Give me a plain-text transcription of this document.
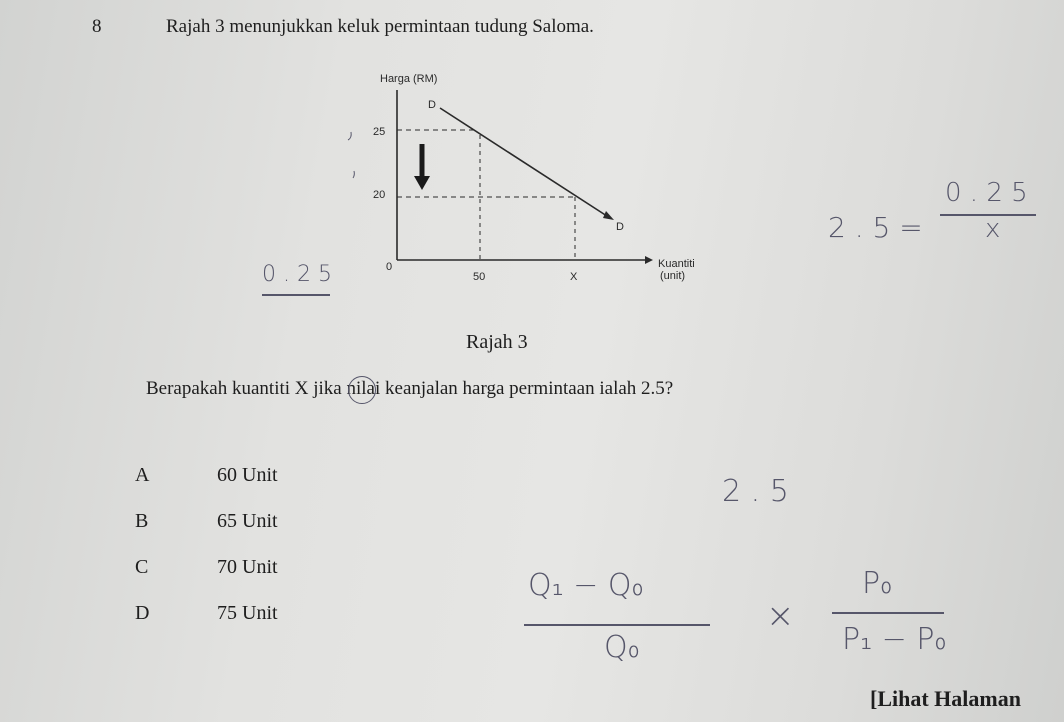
8	Rajah 3 menunjukkan keluk permintaan tudung Saloma.
Harga (RM)
D
D
25
20
0
50	X
Kuantiti
(unit)
0 . 2 5
2 . 5 =
0 . 2 5
x
Rajah 3
Berapakah kuantiti X jika nilai keanjalan harga permintaan ialah 2.5?
A	60 Unit
B	65 Unit
C	70 Unit
D	75 Unit
2 . 5
Q₁ − Q₀
Q₀
×
P₀
P₁ − P₀
[Lihat Halaman
